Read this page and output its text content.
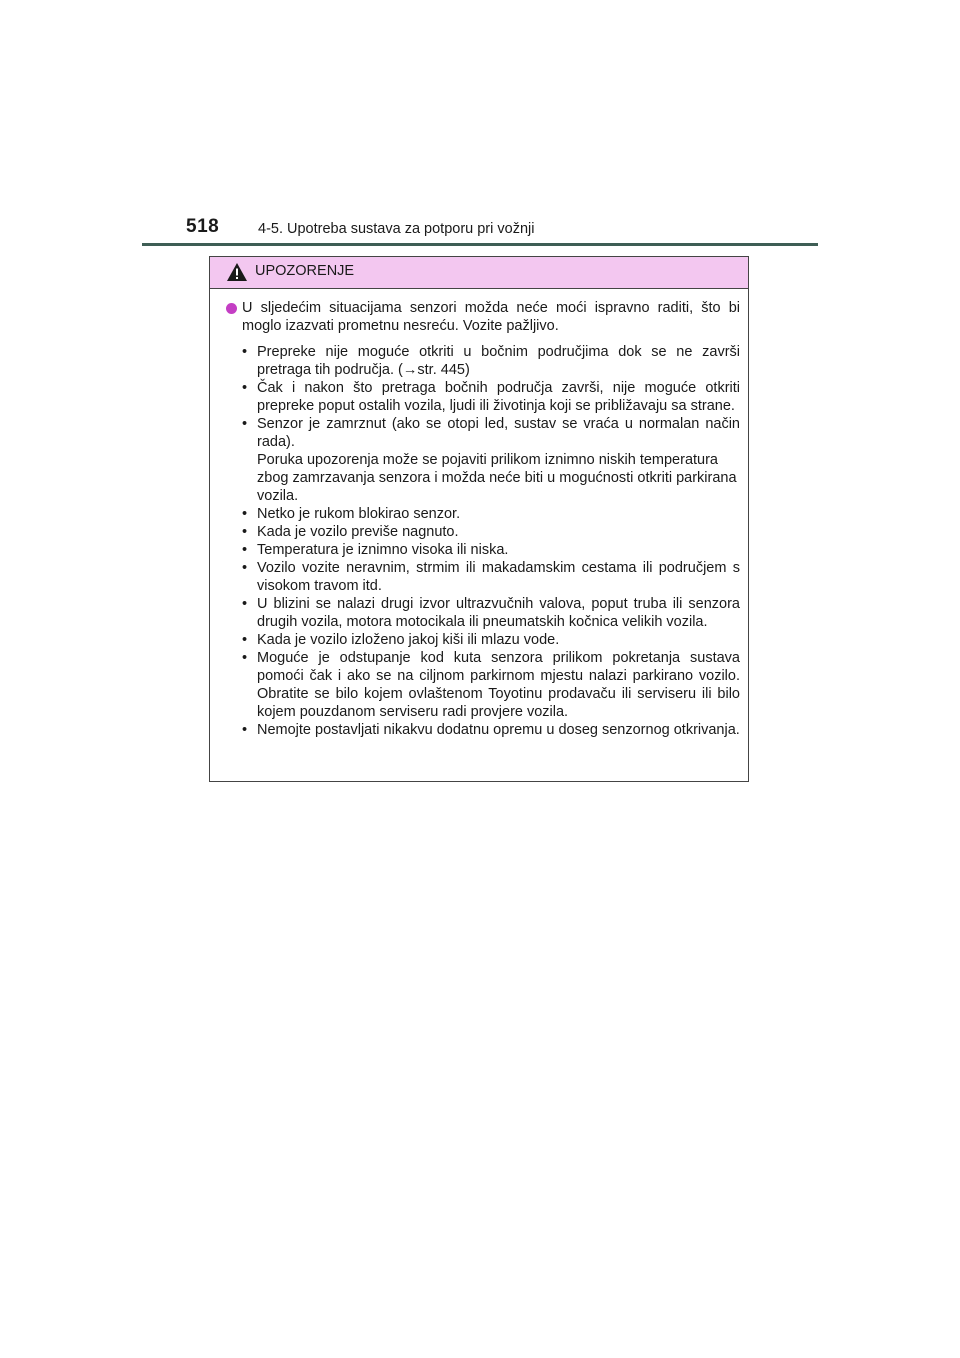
518	4-5. Upotreba sustava za potporu pri vožnji
UPOZORENJE
U sljedećim situacijama senzori možda neće moći ispravno raditi, što bi moglo izazvati prometnu nesreću. Vozite pažljivo.
• Prepreke nije moguće otkriti u bočnim područjima dok se ne završi pretraga tih područja. (→str. 445)
• Čak i nakon što pretraga bočnih područja završi, nije moguće otkriti prepreke poput ostalih vozila, ljudi ili životinja koji se približavaju sa strane.
• Senzor je zamrznut (ako se otopi led, sustav se vraća u normalan način rada).
Poruka upozorenja može se pojaviti prilikom iznimno niskih temperatura zbog zamrzavanja senzora i možda neće biti u mogućnosti otkriti parkirana vozila.
• Netko je rukom blokirao senzor.
• Kada je vozilo previše nagnuto.
• Temperatura je iznimno visoka ili niska.
• Vozilo vozite neravnim, strmim ili makadamskim cestama ili područjem s visokom travom itd.
• U blizini se nalazi drugi izvor ultrazvučnih valova, poput truba ili senzora drugih vozila, motora motocikala ili pneumatskih kočnica velikih vozila.
• Kada je vozilo izloženo jakoj kiši ili mlazu vode.
• Moguće je odstupanje kod kuta senzora prilikom pokretanja sustava pomoći čak i ako se na ciljnom parkirnom mjestu nalazi parkirano vozilo. Obratite se bilo kojem ovlaštenom Toyotinu prodavaču ili serviseru ili bilo kojem pouzdanom serviseru radi provjere vozila.
• Nemojte postavljati nikakvu dodatnu opremu u doseg senzornog otkrivanja.
